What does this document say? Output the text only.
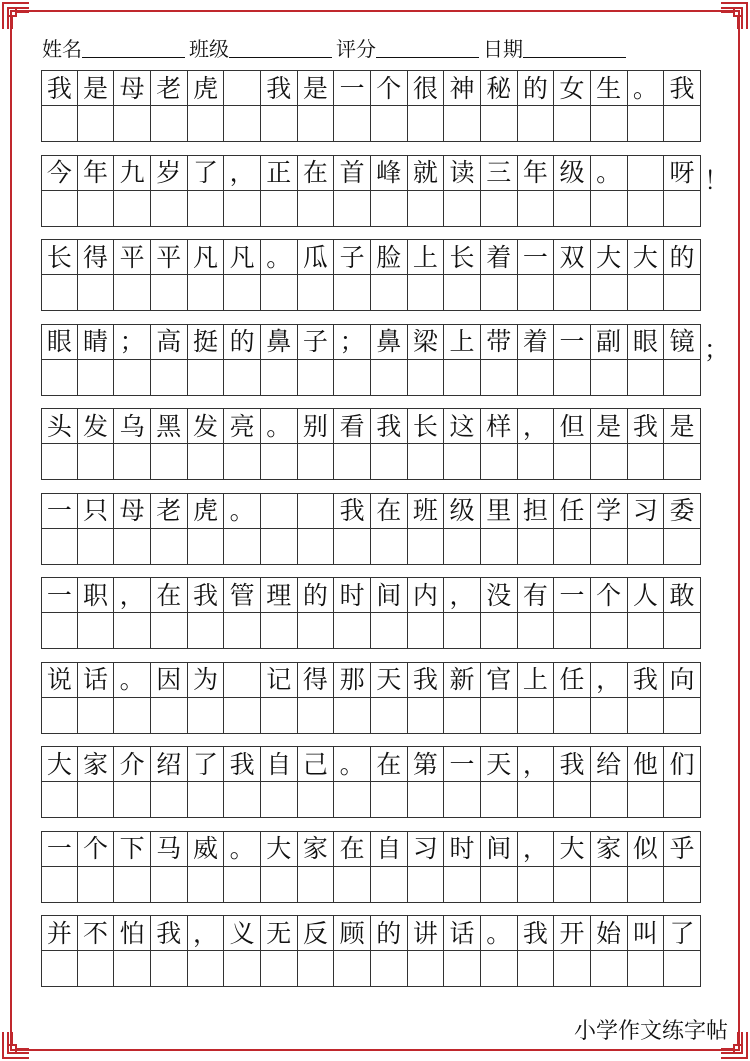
姓名	班级	评分	日期
我 是 母 老 虎 我 是 一 个 很 神 秘 的 女 生 。 我
今 年 九 岁 了 ， 正 在 首 峰 就 读 三 年 级 。 呀 ！
长 得 平 平 凡 凡 。 瓜 子 脸 上 长 着 一 双 大 大 的
眼 睛 ； 高 挺 的 鼻 子 ； 鼻 梁 上 带 着 一 副 眼 镜 ；
头 发 乌 黑 发 亮 。 别 看 我 长 这 样 ， 但 是 我 是
一 只 母 老 虎 。	我 在 班 级 里 担 任 学 习 委
一 职 ， 在 我 管 理 的 时 间 内 ， 没 有 一 个 人 敢
说 话 。 因 为 记 得 那 天 我 新 官 上 任 ， 我 向
大 家 介 绍 了 我 自 己 。 在 第 一 天 ， 我 给 他 们
一 个 下 马 威 。 大 家 在 自 习 时 间 ， 大 家 似 乎
并 不 怕 我 ， 义 无 反 顾 的 讲 话 。 我 开 始 叫 了
小学作文练字帖
